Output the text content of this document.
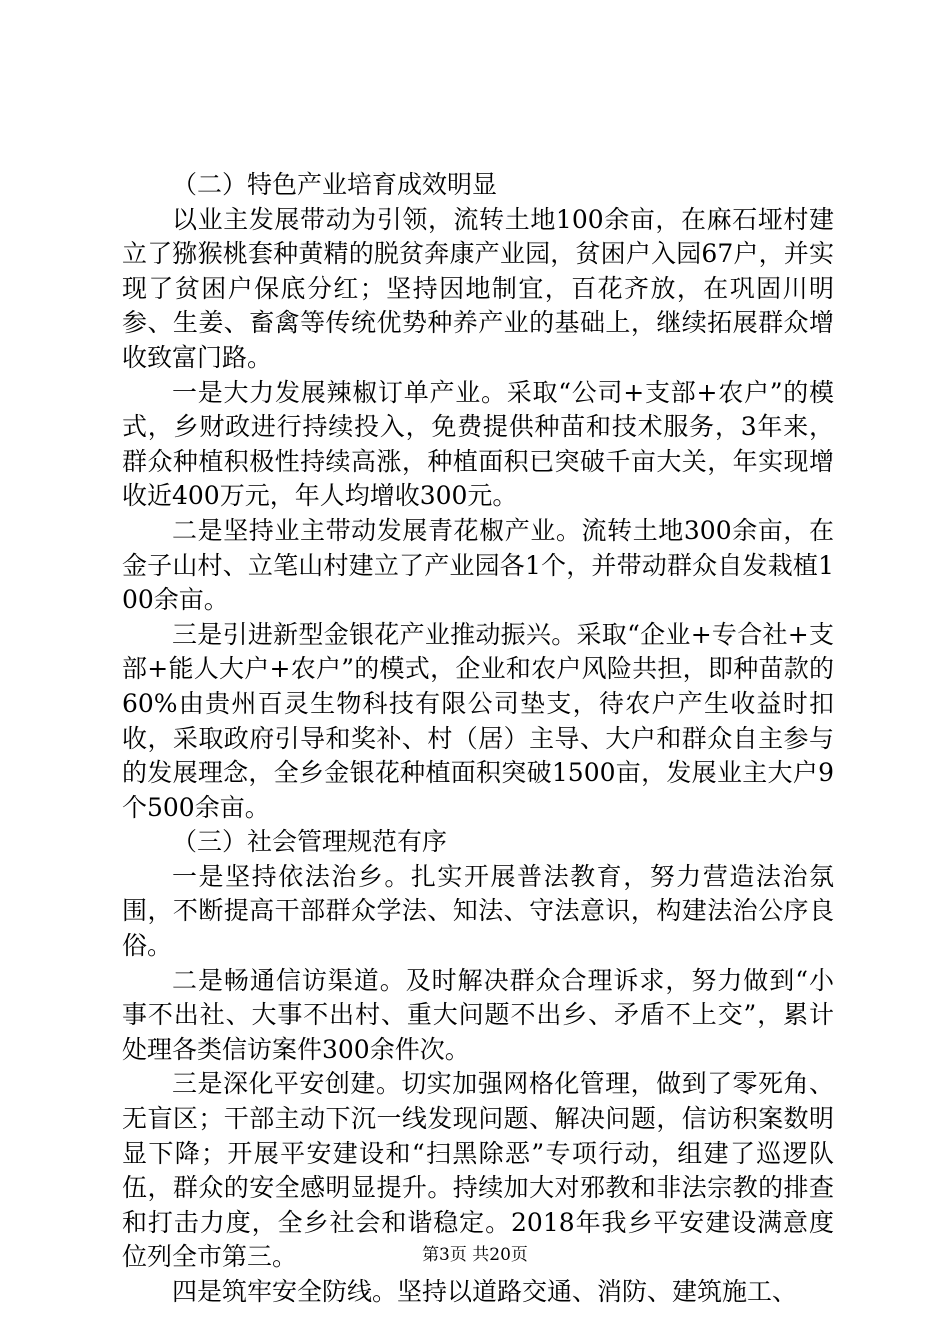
（二）特色产业培育成效明显

以业主发展带动为引领，流转土地100余亩，在麻石垭村建立了猕猴桃套种黄精的脱贫奔康产业园，贫困户入园67户，并实现了贫困户保底分红；坚持因地制宜，百花齐放，在巩固川明参、生姜、畜禽等传统优势种养产业的基础上，继续拓展群众增收致富门路。

一是大力发展辣椒订单产业。采取“公司+支部+农户”的模式，乡财政进行持续投入，免费提供种苗和技术服务，3年来，群众种植积极性持续高涨，种植面积已突破千亩大关，年实现增收近400万元，年人均增收300元。

二是坚持业主带动发展青花椒产业。流转土地300余亩，在金子山村、立笔山村建立了产业园各1个，并带动群众自发栽植100余亩。

三是引进新型金银花产业推动振兴。采取“企业+专合社+支部+能人大户+农户”的模式，企业和农户风险共担，即种苗款的60%由贵州百灵生物科技有限公司垫支，待农户产生收益时扣收，采取政府引导和奖补、村（居）主导、大户和群众自主参与的发展理念，全乡金银花种植面积突破1500亩，发展业主大户9个500余亩。

（三）社会管理规范有序

一是坚持依法治乡。扎实开展普法教育，努力营造法治氛围，不断提高干部群众学法、知法、守法意识，构建法治公序良俗。

二是畅通信访渠道。及时解决群众合理诉求，努力做到“小事不出社、大事不出村、重大问题不出乡、矛盾不上交”，累计处理各类信访案件300余件次。

三是深化平安创建。切实加强网格化管理，做到了零死角、无盲区；干部主动下沉一线发现问题、解决问题，信访积案数明显下降；开展平安建设和“扫黑除恶”专项行动，组建了巡逻队伍，群众的安全感明显提升。持续加大对邪教和非法宗教的排查和打击力度，全乡社会和谐稳定。2018年我乡平安建设满意度位列全市第三。

四是筑牢安全防线。坚持以道路交通、消防、建筑施工、

第3页 共20页
